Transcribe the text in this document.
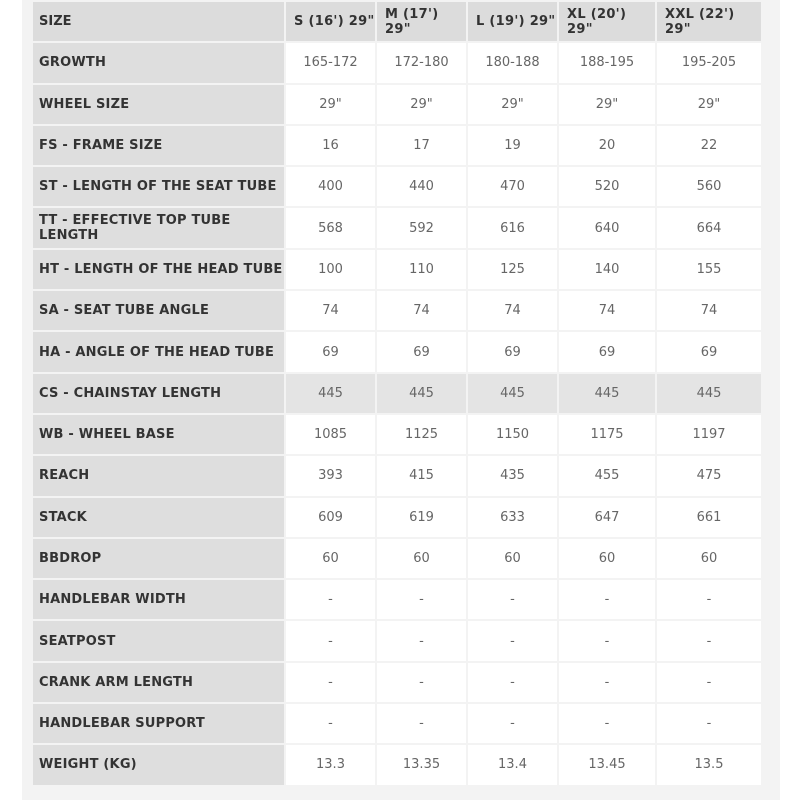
SIZE	S (16') 29"	M (17') 29"	L (19') 29"	XL (20') 29"	XXL (22') 29"
GROWTH	165-172	172-180	180-188	188-195	195-205
WHEEL SIZE	29"	29"	29"	29"	29"
FS - FRAME SIZE	16	17	19	20	22
ST - LENGTH OF THE SEAT TUBE	400	440	470	520	560
TT - EFFECTIVE TOP TUBE LENGTH	568	592	616	640	664
HT - LENGTH OF THE HEAD TUBE	100	110	125	140	155
SA - SEAT TUBE ANGLE	74	74	74	74	74
HA - ANGLE OF THE HEAD TUBE	69	69	69	69	69
CS - CHAINSTAY LENGTH	445	445	445	445	445
WB - WHEEL BASE	1085	1125	1150	1175	1197
REACH	393	415	435	455	475
STACK	609	619	633	647	661
BBDROP	60	60	60	60	60
HANDLEBAR WIDTH	-	-	-	-	-
SEATPOST	-	-	-	-	-
CRANK ARM LENGTH	-	-	-	-	-
HANDLEBAR SUPPORT	-	-	-	-	-
WEIGHT (KG)	13.3	13.35	13.4	13.45	13.5
